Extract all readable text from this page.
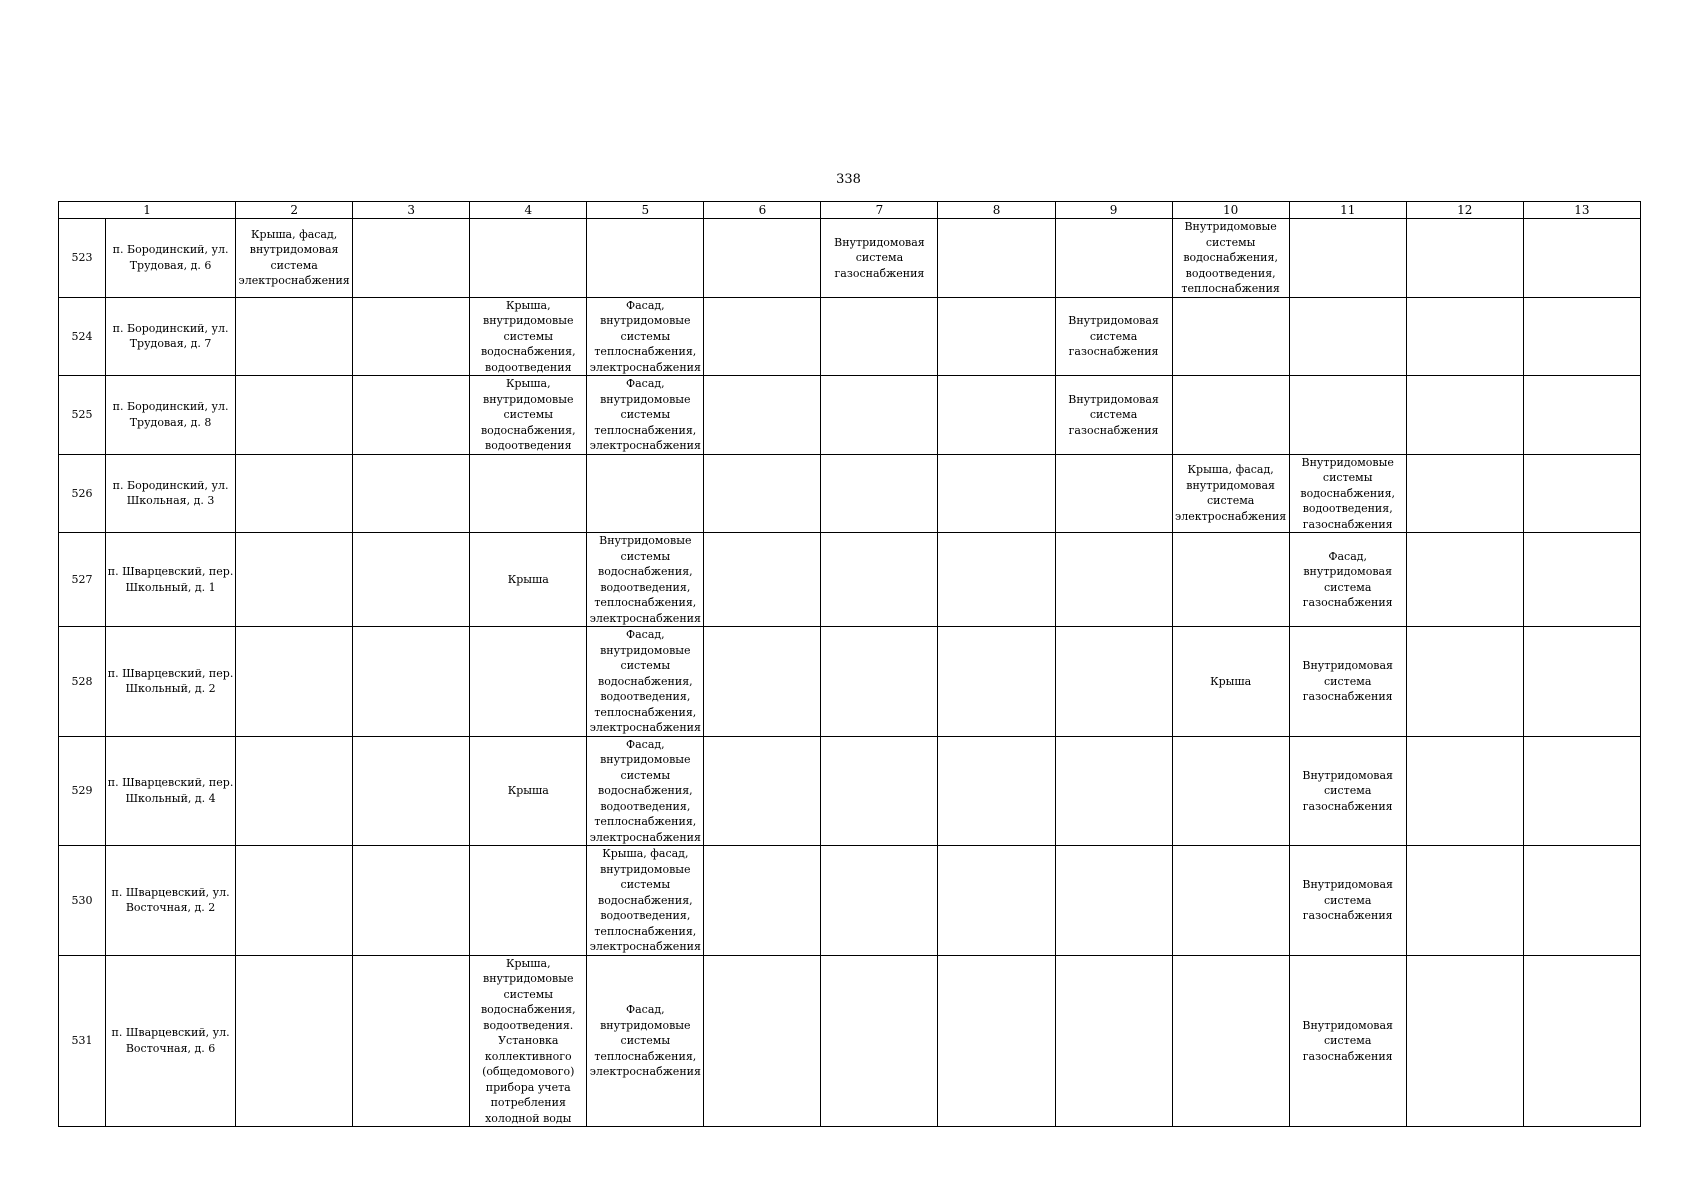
338
1		2	3	4	5	6	7	8	9	10	11	12	13
523	п. Бородинский, ул. Трудовая, д. 6	Крыша, фасад, внутридомовая система электроснабжения					Внутридомовая система газоснабжения			Внутридомовые системы водоснабжения, водоотведения, теплоснабжения			
524	п. Бородинский, ул. Трудовая, д. 7			Крыша, внутридомовые системы водоснабжения, водоотведения	Фасад, внутридомовые системы теплоснабжения, электроснабжения				Внутридомовая система газоснабжения				
525	п. Бородинский, ул. Трудовая, д. 8			Крыша, внутридомовые системы водоснабжения, водоотведения	Фасад, внутридомовые системы теплоснабжения, электроснабжения				Внутридомовая система газоснабжения				
526	п. Бородинский, ул. Школьная, д. 3									Крыша, фасад, внутридомовая система электроснабжения	Внутридомовые системы водоснабжения, водоотведения, газоснабжения		
527	п. Шварцевский, пер. Школьный, д. 1			Крыша	Внутридомовые системы водоснабжения, водоотведения, теплоснабжения, электроснабжения						Фасад, внутридомовая система газоснабжения		
528	п. Шварцевский, пер. Школьный, д. 2				Фасад, внутридомовые системы водоснабжения, водоотведения, теплоснабжения, электроснабжения					Крыша	Внутридомовая система газоснабжения		
529	п. Шварцевский, пер. Школьный, д. 4			Крыша	Фасад, внутридомовые системы водоснабжения, водоотведения, теплоснабжения, электроснабжения						Внутридомовая система газоснабжения		
530	п. Шварцевский, ул. Восточная, д. 2				Крыша, фасад, внутридомовые системы водоснабжения, водоотведения, теплоснабжения, электроснабжения						Внутридомовая система газоснабжения		
531	п. Шварцевский, ул. Восточная, д. 6			Крыша, внутридомовые системы водоснабжения, водоотведения. Установка коллективного (общедомового) прибора учета потребления холодной воды	Фасад, внутридомовые системы теплоснабжения, электроснабжения						Внутридомовая система газоснабжения		
